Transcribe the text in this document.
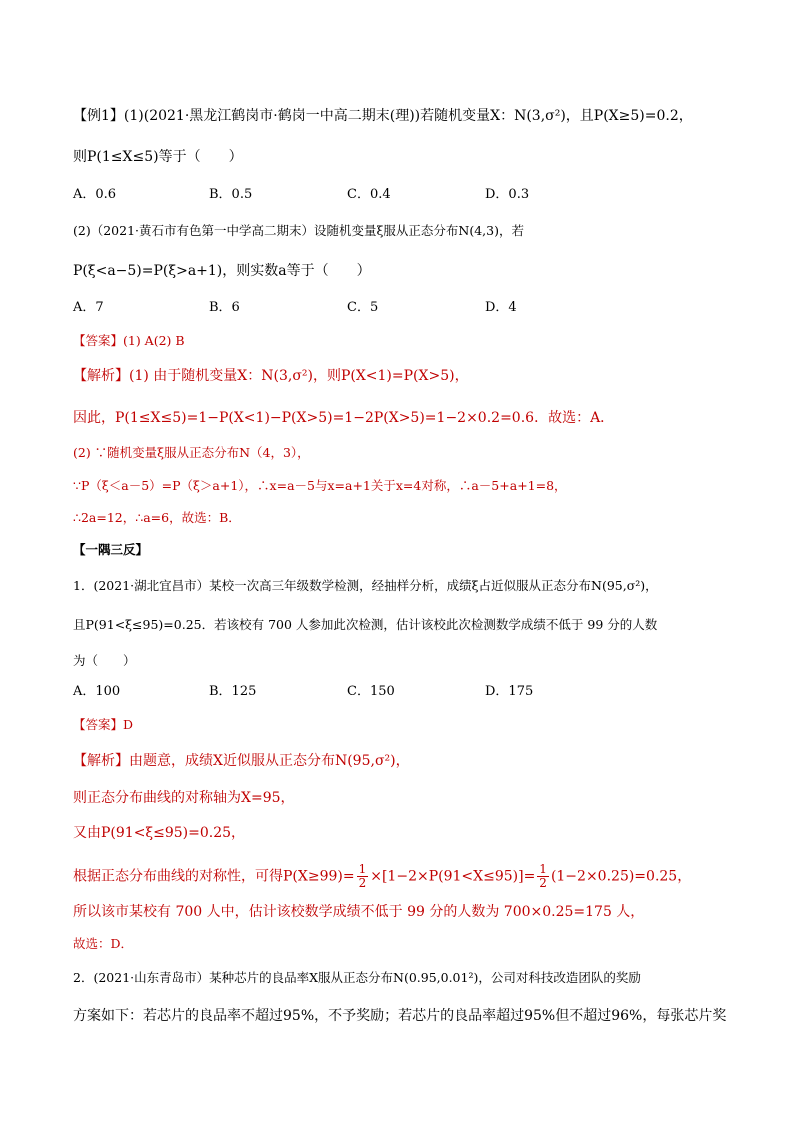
【例1】(1)(2021·黑龙江鹤岗市·鹤岗一中高二期末(理))若随机变量X：N(3,σ²)，且P(X≥5)=0.2，
则P(1≤X≤5)等于（　　）
A．0.6	B．0.5	C．0.4	D．0.3
(2)（2021·黄石市有色第一中学高二期末）设随机变量ξ服从正态分布N(4,3)，若
P(ξ<a−5)=P(ξ>a+1)，则实数a等于（　　）
A．7	B．6	C．5	D．4
【答案】(1) A(2) B
【解析】(1) 由于随机变量X：N(3,σ²)，则P(X<1)=P(X>5)，
因此，P(1≤X≤5)=1−P(X<1)−P(X>5)=1−2P(X>5)=1−2×0.2=0.6．故选：A．
(2) ∵随机变量ξ服从正态分布N（4，3），
∵P（ξ＜a－5）=P（ξ＞a+1），∴x=a－5与x=a+1关于x=4对称，∴a－5+a+1=8，
∴2a=12，∴a=6，故选：B．
【一隅三反】
1．(2021·湖北宜昌市）某校一次高三年级数学检测，经抽样分析，成绩ξ占近似服从正态分布N(95,σ²)，
且P(91<ξ≤95)=0.25．若该校有 700 人参加此次检测，估计该校此次检测数学成绩不低于 99 分的人数
为（　　）
A．100	B．125	C．150	D．175
【答案】D
【解析】由题意，成绩X近似服从正态分布N(95,σ²)，
则正态分布曲线的对称轴为X=95，
又由P(91<ξ≤95)=0.25，
根据正态分布曲线的对称性，可得$P(X\ge 99)= \frac{1}{2} \times[1-2\times P(91<X\le 95)]= \frac{1}{2} (1-2\times 0.25)=0.25$，
所以该市某校有 700 人中，估计该校数学成绩不低于 99 分的人数为 700×0.25=175 人，
故选：D．
2．(2021·山东青岛市）某种芯片的良品率X服从正态分布N(0.95,0.01²)，公司对科技改造团队的奖励
方案如下：若芯片的良品率不超过95%，不予奖励；若芯片的良品率超过95%但不超过96%，每张芯片奖
